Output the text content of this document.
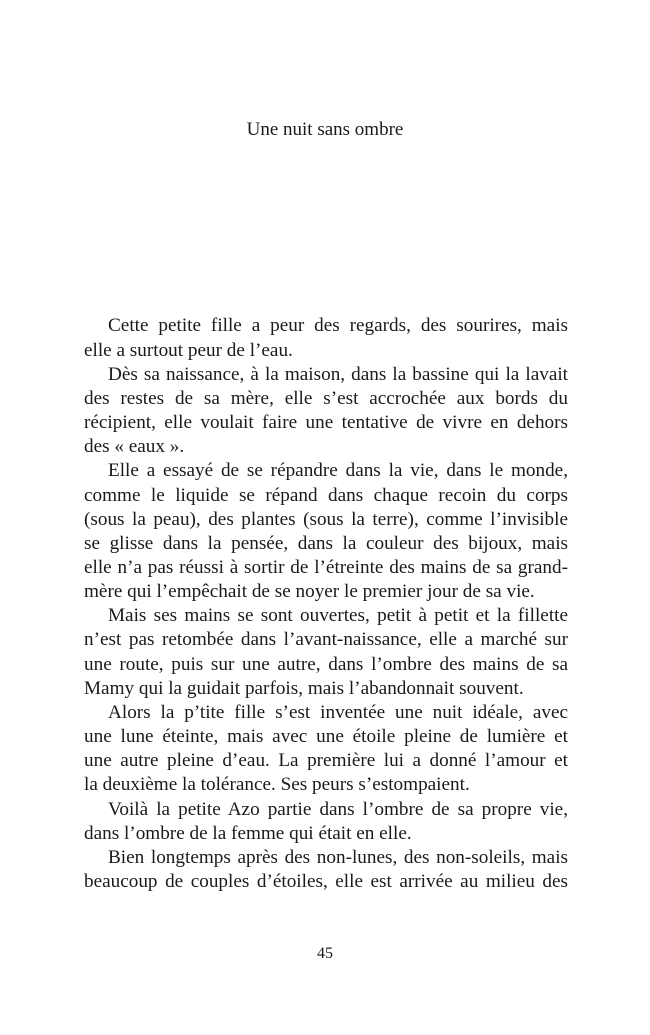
Une nuit sans ombre
Cette petite fille a peur des regards, des sourires, mais
elle a surtout peur de l’eau.
Dès sa naissance, à la maison, dans la bassine qui la lavait
des restes de sa mère, elle s’est accrochée aux bords du
récipient, elle voulait faire une tentative de vivre en dehors
des « eaux ».
Elle a essayé de se répandre dans la vie, dans le monde,
comme le liquide se répand dans chaque recoin du corps
(sous la peau), des plantes (sous la terre), comme l’invisible
se glisse dans la pensée, dans la couleur des bijoux, mais
elle n’a pas réussi à sortir de l’étreinte des mains de sa grand-
mère qui l’empêchait de se noyer le premier jour de sa vie.
Mais ses mains se sont ouvertes, petit à petit et la fillette
n’est pas retombée dans l’avant-naissance, elle a marché sur
une route, puis sur une autre, dans l’ombre des mains de sa
Mamy qui la guidait parfois, mais l’abandonnait souvent.
Alors la p’tite fille s’est inventée une nuit idéale, avec
une lune éteinte, mais avec une étoile pleine de lumière et
une autre pleine d’eau. La première lui a donné l’amour et
la deuxième la tolérance. Ses peurs s’estompaient.
Voilà la petite Azo partie dans l’ombre de sa propre vie,
dans l’ombre de la femme qui était en elle.
Bien longtemps après des non-lunes, des non-soleils, mais
beaucoup de couples d’étoiles, elle est arrivée au milieu des
45
